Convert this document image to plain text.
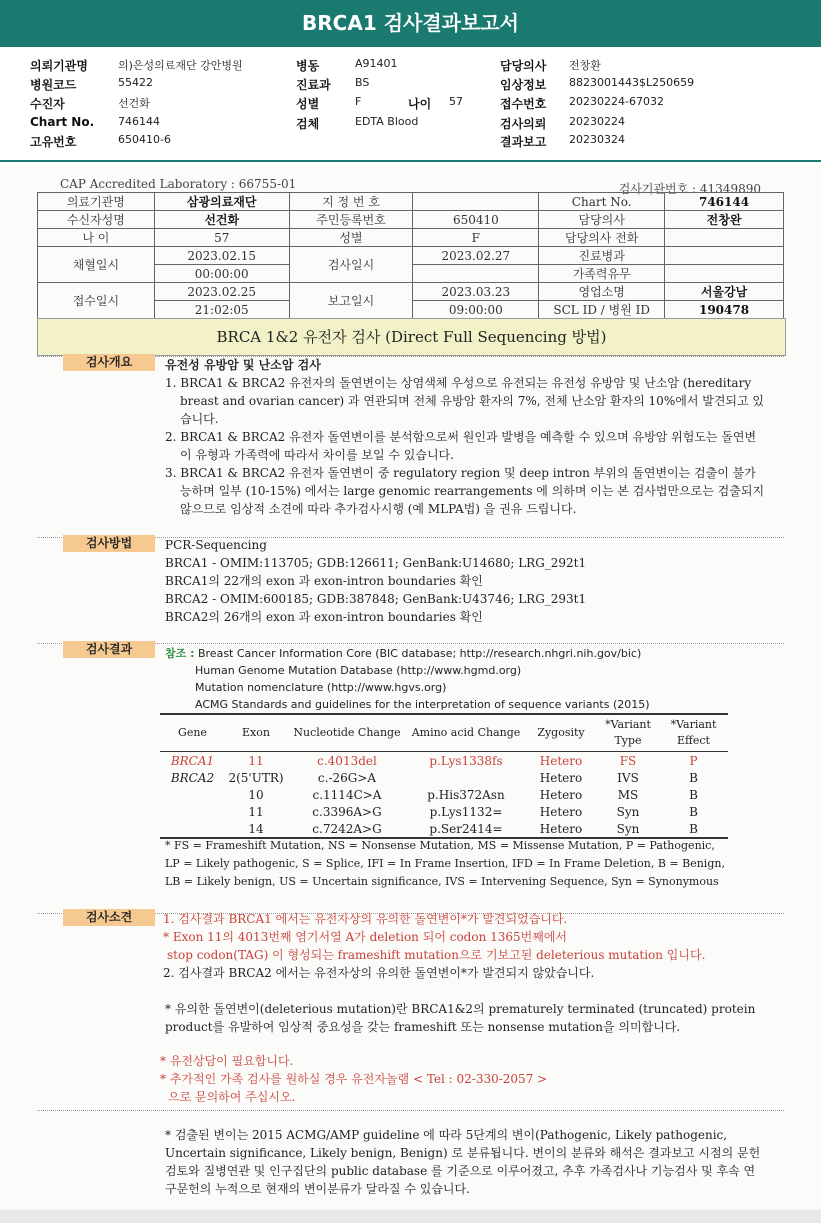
BRCA1 검사결과보고서
의뢰기관명	의)은성의료재단 강안병원
병원코드	55422
수진자	선건화
Chart No. 746144
고유번호	650410-6
병동	A91401
진료과 BS
성별	F	나이 57
검체	EDTA Blood
담당의사 전창환
임상정보 8823001443$L250659
접수번호 20230224-67032
검사의뢰 20230224
결과보고 20230324
CAP Accredited Laboratory : 66755-01	검사기관번호 : 41349890
의료기관명	삼광의료재단	지 정 번 호		Chart No.	746144
수신자성명	선건화	주민등록번호	650410	담당의사	전창완
나 이	57	성별	F	담당의사 전화	
채혈일시	2023.02.15	검사일시	2023.02.27	진료병과	
	00:00:00			가족력유무	
접수일시	2023.02.25	보고일시	2023.03.23	영업소명	서울강남
	21:02:05		09:00:00	SCL ID / 병원 ID	190478
BRCA 1&2 유전자 검사 (Direct Full Sequencing 방법)
검사개요	유전성 유방암 및 난소암 검사
1. BRCA1 & BRCA2 유전자의 돌연변이는 상염색체 우성으로 유전되는 유전성 유방암 및 난소암 (hereditary breast and ovarian cancer) 과 연관되며 전체 유방암 환자의 7%, 전체 난소암 환자의 10%에서 발견되고 있습니다.
2. BRCA1 & BRCA2 유전자 돌연변이를 분석함으로써 원인과 발병을 예측할 수 있으며 유방암 위험도는 돌연변이 유형과 가족력에 따라서 차이를 보일 수 있습니다.
3. BRCA1 & BRCA2 유전자 돌연변이 중 regulatory region 및 deep intron 부위의 돌연변이는 검출이 불가능하며 일부 (10-15%) 에서는 large genomic rearrangements 에 의하며 이는 본 검사법만으로는 검출되지 않으므로 임상적 소견에 따라 추가검사시행 (예 MLPA법) 을 권유 드립니다.
검사방법	PCR-Sequencing
BRCA1 - OMIM:113705; GDB:126611; GenBank:U14680; LRG_292t1
BRCA1의 22개의 exon 과 exon-intron boundaries 확인
BRCA2 - OMIM:600185; GDB:387848; GenBank:U43746; LRG_293t1
BRCA2의 26개의 exon 과 exon-intron boundaries 확인
검사결과	참조 : Breast Cancer Information Core (BIC database; http://research.nhgri.nih.gov/bic)
Human Genome Mutation Database (http://www.hgmd.org)
Mutation nomenclature (http://www.hgvs.org)
ACMG Standards and guidelines for the interpretation of sequence variants (2015)
Gene	Exon	Nucleotide Change	Amino acid Change	Zygosity	*Variant Type	*Variant Effect
BRCA1	11	c.4013del	p.Lys1338fs	Hetero	FS	P
BRCA2	2(5'UTR)	c.-26G>A		Hetero	IVS	B
	10	c.1114C>A	p.His372Asn	Hetero	MS	B
	11	c.3396A>G	p.Lys1132=	Hetero	Syn	B
	14	c.7242A>G	p.Ser2414=	Hetero	Syn	B
* FS = Frameshift Mutation, NS = Nonsense Mutation, MS = Missense Mutation, P = Pathogenic,
LP = Likely pathogenic, S = Splice, IFI = In Frame Insertion, IFD = In Frame Deletion, B = Benign,
LB = Likely benign, US = Uncertain significance, IVS = Intervening Sequence, Syn = Synonymous
검사소견	1. 검사결과 BRCA1 에서는 유전자상의 유의한 돌연변이*가 발견되었습니다.
* Exon 11의 4013번째 염기서열 A가 deletion 되어 codon 1365번째에서
stop codon(TAG) 이 형성되는 frameshift mutation으로 기보고된 deleterious mutation 입니다.
2. 검사결과 BRCA2 에서는 유전자상의 유의한 돌연변이*가 발견되지 않았습니다.
* 유의한 돌연변이(deleterious mutation)란 BRCA1&2의 prematurely terminated (truncated) protein product를 유발하여 임상적 중요성을 갖는 frameshift 또는 nonsense mutation을 의미합니다.
* 유전상담이 필요합니다.
* 추가적인 가족 검사를 원하실 경우 유전자놀램 < Tel : 02-330-2057 >
으로 문의하여 주십시오.
* 검출된 변이는 2015 ACMG/AMP guideline 에 따라 5단계의 변이(Pathogenic, Likely pathogenic, Uncertain significance, Likely benign, Benign) 로 분류됩니다. 변이의 분류와 해석은 결과보고 시점의 문헌 검토와 질병연관 및 인구집단의 public database 를 기준으로 이루어졌고, 추후 가족검사나 기능검사 및 후속 연구문헌의 누적으로 현재의 변이분류가 달라질 수 있습니다.
